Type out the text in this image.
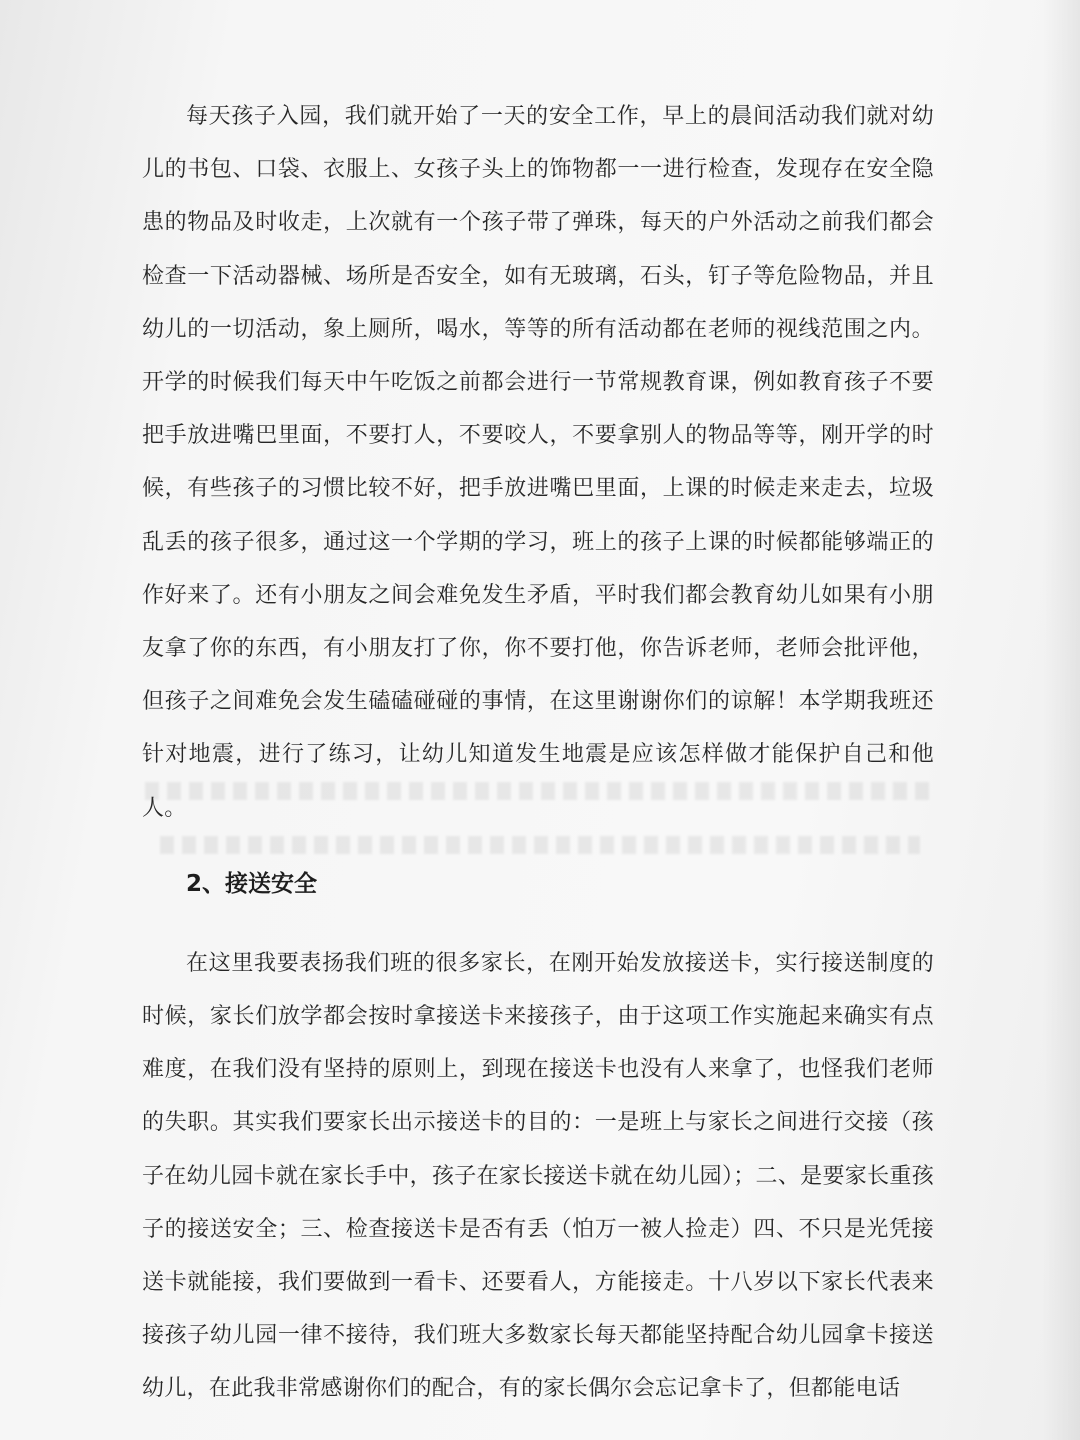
每天孩子入园，我们就开始了一天的安全工作，早上的晨间活动我们就对幼儿的书包、口袋、衣服上、女孩子头上的饰物都一一进行检查，发现存在安全隐患的物品及时收走，上次就有一个孩子带了弹珠，每天的户外活动之前我们都会检查一下活动器械、场所是否安全，如有无玻璃，石头，钉子等危险物品，并且幼儿的一切活动，象上厕所，喝水，等等的所有活动都在老师的视线范围之内。开学的时候我们每天中午吃饭之前都会进行一节常规教育课，例如教育孩子不要把手放进嘴巴里面，不要打人，不要咬人，不要拿别人的物品等等，刚开学的时候，有些孩子的习惯比较不好，把手放进嘴巴里面，上课的时候走来走去，垃圾乱丢的孩子很多，通过这一个学期的学习，班上的孩子上课的时候都能够端正的作好来了。还有小朋友之间会难免发生矛盾，平时我们都会教育幼儿如果有小朋友拿了你的东西，有小朋友打了你，你不要打他，你告诉老师，老师会批评他，但孩子之间难免会发生磕磕碰碰的事情，在这里谢谢你们的谅解！本学期我班还针对地震，进行了练习，让幼儿知道发生地震是应该怎样做才能保护自己和他人。

2、接送安全

在这里我要表扬我们班的很多家长，在刚开始发放接送卡，实行接送制度的时候，家长们放学都会按时拿接送卡来接孩子，由于这项工作实施起来确实有点难度，在我们没有坚持的原则上，到现在接送卡也没有人来拿了，也怪我们老师的失职。其实我们要家长出示接送卡的目的：一是班上与家长之间进行交接（孩子在幼儿园卡就在家长手中，孩子在家长接送卡就在幼儿园）；二、是要家长重孩子的接送安全；三、检查接送卡是否有丢（怕万一被人捡走）四、不只是光凭接送卡就能接，我们要做到一看卡、还要看人，方能接走。十八岁以下家长代表来接孩子幼儿园一律不接待，我们班大多数家长每天都能坚持配合幼儿园拿卡接送幼儿，在此我非常感谢你们的配合，有的家长偶尔会忘记拿卡了，但都能电话
